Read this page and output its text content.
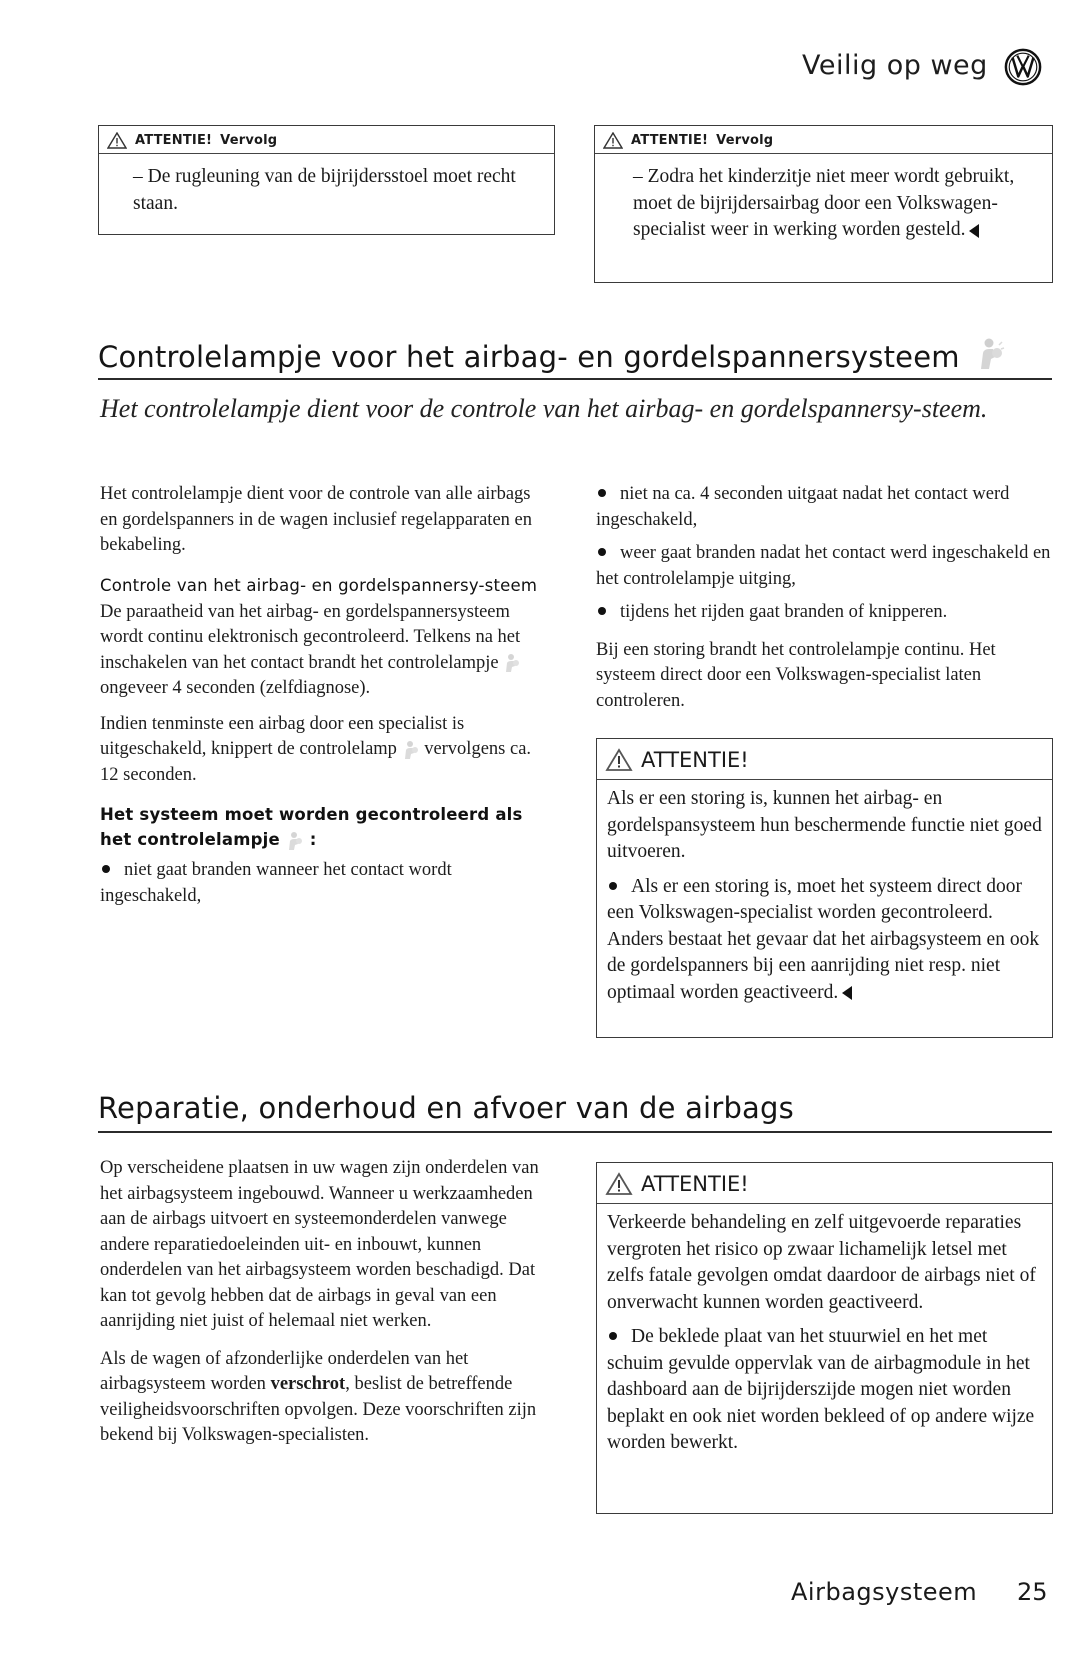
Veilig op weg
ATTENTIE! Vervolg
– De rugleuning van de bijrijdersstoel moet recht staan.
ATTENTIE! Vervolg
– Zodra het kinderzitje niet meer wordt gebruikt, moet de bijrijdersairbag door een Volkswagen-specialist weer in werking worden gesteld.
Controlelampje voor het airbag- en gordelspannersysteem
Het controlelampje dient voor de controle van het airbag- en gordelspannersy-steem.

Het controlelampje dient voor de controle van alle airbags en gordelspanners in de wagen inclusief regelapparaten en bekabeling.

Controle van het airbag- en gordelspannersy-steem

De paraatheid van het airbag- en gordelspannersysteem wordt continu elektronisch gecontroleerd. Telkens na het inschakelen van het contact brandt het controlelampje  ongeveer 4 seconden (zelfdiagnose).

Indien tenminste een airbag door een specialist is uitgeschakeld, knippert de controlelamp vervolgens ca. 12 seconden.

Het systeem moet worden gecontroleerd als het controlelampje :
niet gaat branden wanneer het contact wordt ingeschakeld,
niet na ca. 4 seconden uitgaat nadat het contact werd ingeschakeld,
weer gaat branden nadat het contact werd ingeschakeld en het controlelampje uitging,
tijdens het rijden gaat branden of knipperen.

Bij een storing brandt het controlelampje continu. Het systeem direct door een Volkswagen-specialist laten controleren.

ATTENTIE!
Als er een storing is, kunnen het airbag- en gordelspansysteem hun beschermende functie niet goed uitvoeren.
Als er een storing is, moet het systeem direct door een Volkswagen-specialist worden gecontroleerd. Anders bestaat het gevaar dat het airbagsysteem en ook de gordelspanners bij een aanrijding niet resp. niet optimaal worden geactiveerd.
Reparatie, onderhoud en afvoer van de airbags

Op verscheidene plaatsen in uw wagen zijn onderdelen van het airbagsysteem ingebouwd. Wanneer u werkzaamheden aan de airbags uitvoert en systeemonderdelen vanwege andere reparatiedoeleinden uit- en inbouwt, kunnen onderdelen van het airbagsysteem worden beschadigd. Dat kan tot gevolg hebben dat de airbags in geval van een aanrijding niet juist of helemaal niet werken.

Als de wagen of afzonderlijke onderdelen van het airbagsysteem worden verschrot, beslist de betreffende veiligheidsvoorschriften opvolgen. Deze voorschriften zijn bekend bij Volkswagen-specialisten.

ATTENTIE!
Verkeerde behandeling en zelf uitgevoerde reparaties vergroten het risico op zwaar lichamelijk letsel met zelfs fatale gevolgen omdat daardoor de airbags niet of onverwacht kunnen worden geactiveerd.
De beklede plaat van het stuurwiel en het met schuim gevulde oppervlak van de airbagmodule in het dashboard aan de bijrijderszijde mogen niet worden beplakt en ook niet worden bekleed of op andere wijze worden bewerkt.
Airbagsysteem 25
